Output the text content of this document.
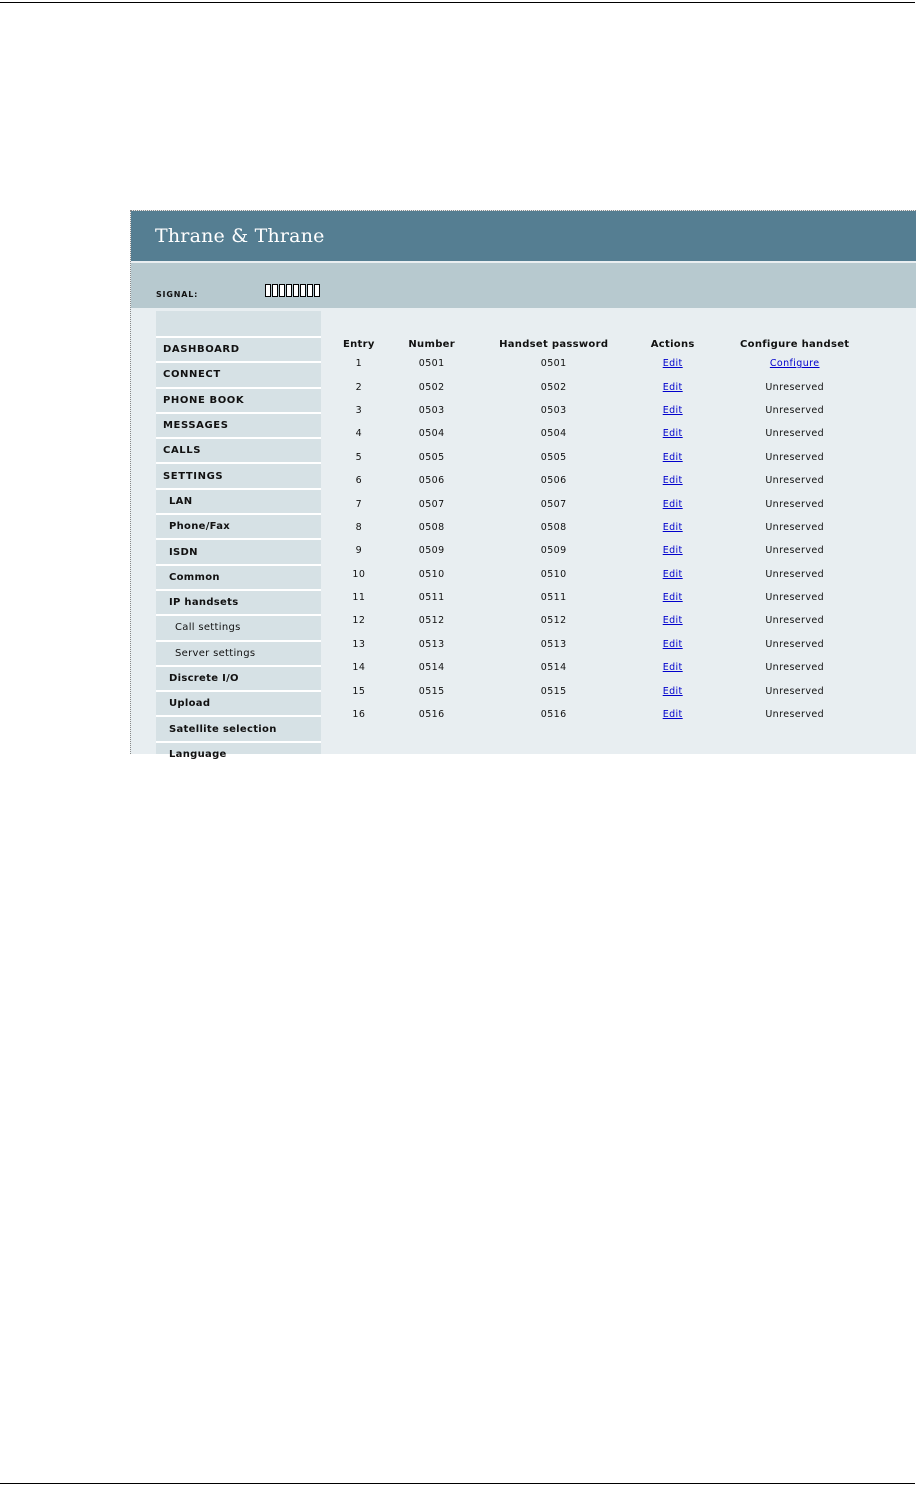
Thrane & Thrane
SIGNAL:
DASHBOARD
CONNECT
PHONE BOOK
MESSAGES
CALLS
SETTINGS
LAN
Phone/Fax
ISDN
Common
IP handsets
Call settings
Server settings
Discrete I/O
Upload
Satellite selection
Language
Entry	Number	Handset password	Actions	Configure handset
1	0501	0501	Edit	Configure
2	0502	0502	Edit	Unreserved
3	0503	0503	Edit	Unreserved
4	0504	0504	Edit	Unreserved
5	0505	0505	Edit	Unreserved
6	0506	0506	Edit	Unreserved
7	0507	0507	Edit	Unreserved
8	0508	0508	Edit	Unreserved
9	0509	0509	Edit	Unreserved
10	0510	0510	Edit	Unreserved
11	0511	0511	Edit	Unreserved
12	0512	0512	Edit	Unreserved
13	0513	0513	Edit	Unreserved
14	0514	0514	Edit	Unreserved
15	0515	0515	Edit	Unreserved
16	0516	0516	Edit	Unreserved
